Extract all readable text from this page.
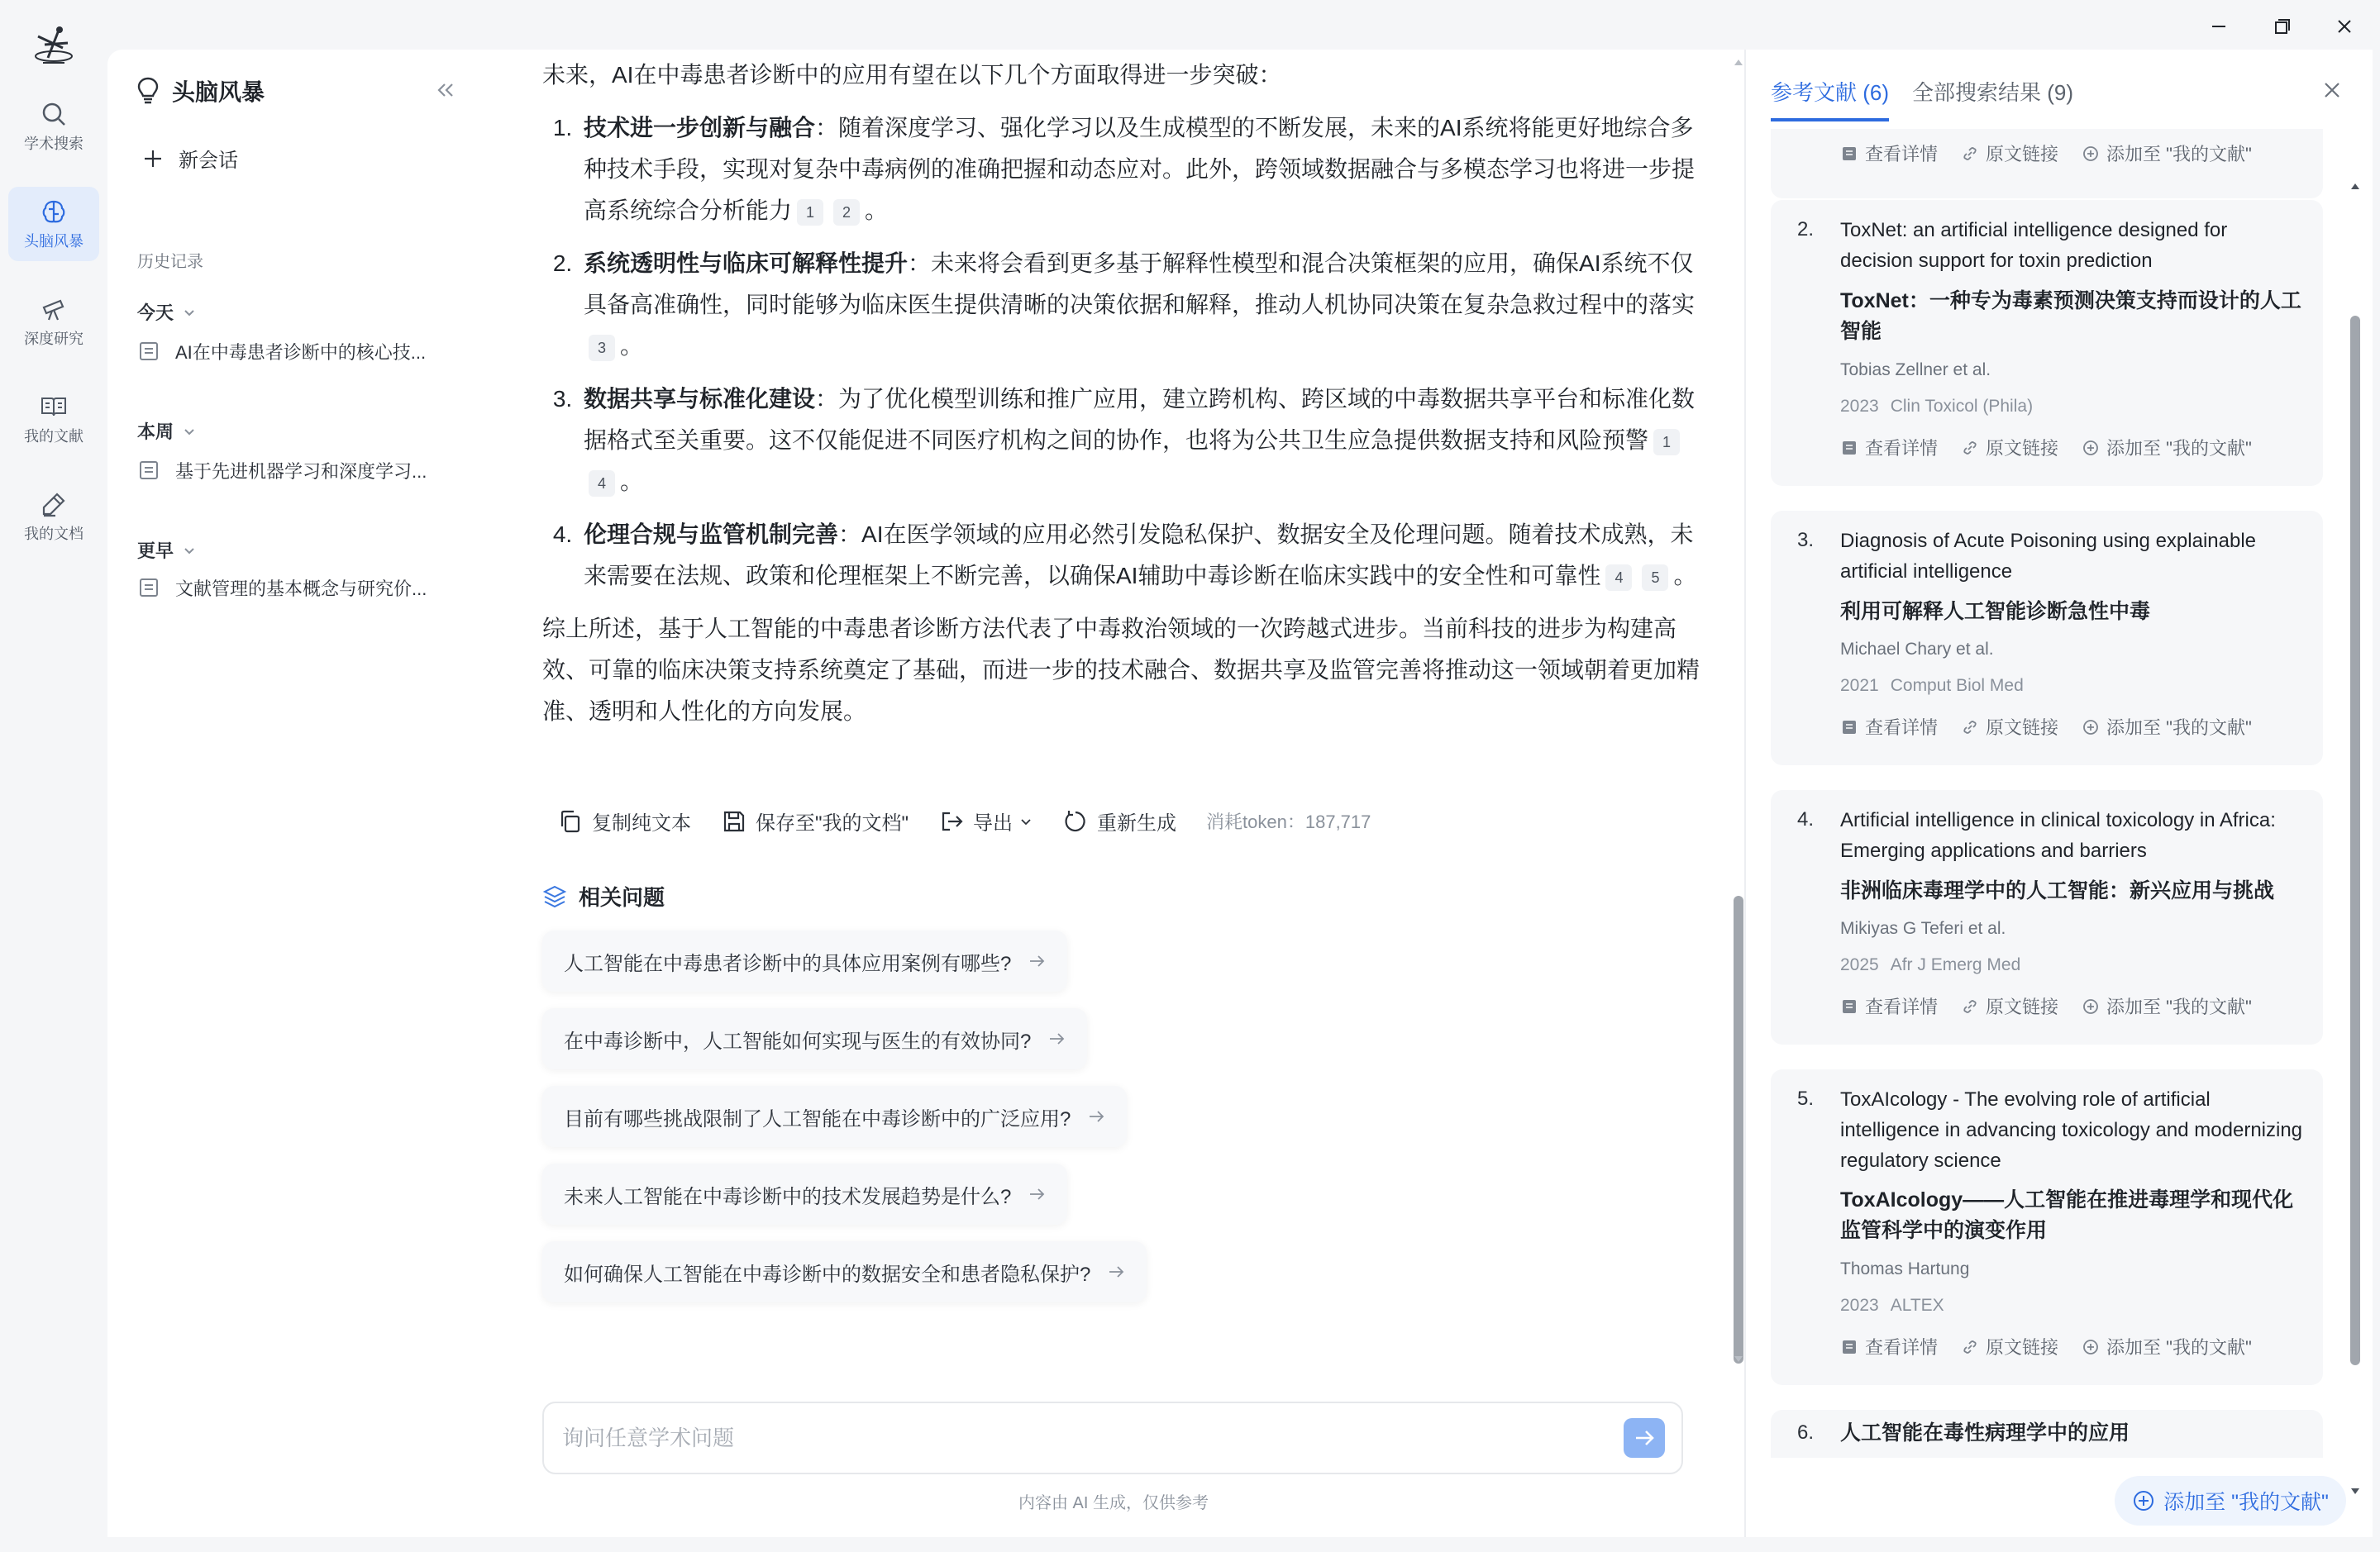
学术搜索
头脑风暴
深度研究
我的文献
我的文档
头脑风暴
新会话
历史记录
今天
AI在中毒患者诊断中的核心技...
本周
基于先进机器学习和深度学习...
更早
文献管理的基本概念与研究价...

未来，AI在中毒患者诊断中的应用有望在以下几个方面取得进一步突破：

1. 技术进一步创新与融合：随着深度学习、强化学习以及生成模型的不断发展，未来的AI系统将能更好地综合多种技术手段，实现对复杂中毒病例的准确把握和动态应对。此外，跨领域数据融合与多模态学习也将进一步提高系统综合分析能力 1 2 。
2. 系统透明性与临床可解释性提升：未来将会看到更多基于解释性模型和混合决策框架的应用，确保AI系统不仅具备高准确性，同时能够为临床医生提供清晰的决策依据和解释，推动人机协同决策在复杂急救过程中的落实3 。
3. 数据共享与标准化建设：为了优化模型训练和推广应用，建立跨机构、跨区域的中毒数据共享平台和标准化数据格式至关重要。这不仅能促进不同医疗机构之间的协作，也将为公共卫生应急提供数据支持和风险预警 14 。
4. 伦理合规与监管机制完善：AI在医学领域的应用必然引发隐私保护、数据安全及伦理问题。随着技术成熟，未来需要在法规、政策和伦理框架上不断完善，以确保AI辅助中毒诊断在临床实践中的安全性和可靠性 4 5 。

综上所述，基于人工智能的中毒患者诊断方法代表了中毒救治领域的一次跨越式进步。当前科技的进步为构建高效、可靠的临床决策支持系统奠定了基础，而进一步的技术融合、数据共享及监管完善将推动这一领域朝着更加精准、透明和人性化的方向发展。

复制纯文本	保存至"我的文档"	导出	重新生成 消耗token：187,717
相关问题
人工智能在中毒患者诊断中的具体应用案例有哪些?
在中毒诊断中，人工智能如何实现与医生的有效协同?
目前有哪些挑战限制了人工智能在中毒诊断中的广泛应用?
未来人工智能在中毒诊断中的技术发展趋势是什么?
如何确保人工智能在中毒诊断中的数据安全和患者隐私保护?
询问任意学术问题
内容由 AI 生成，仅供参考
参考文献 (6) 全部搜索结果 (9)
查看详情	原文链接	添加至 "我的文献"
2. ToxNet: an artificial intelligence designed for decision support for toxin prediction
ToxNet：一种专为毒素预测决策支持而设计的人工智能
Tobias Zellner et al.
2023 Clin Toxicol (Phila)
查看详情	原文链接	添加至 "我的文献"
3. Diagnosis of Acute Poisoning using explainable artificial intelligence
利用可解释人工智能诊断急性中毒
Michael Chary et al.
2021 Comput Biol Med
查看详情	原文链接	添加至 "我的文献"
4. Artificial intelligence in clinical toxicology in Africa: Emerging applications and barriers
非洲临床毒理学中的人工智能：新兴应用与挑战
Mikiyas G Teferi et al.
2025 Afr J Emerg Med
查看详情	原文链接	添加至 "我的文献"
5. ToxAIcology - The evolving role of artificial intelligence in advancing toxicology and modernizing regulatory science
ToxAIcology——人工智能在推进毒理学和现代化监管科学中的演变作用
Thomas Hartung
2023 ALTEX
查看详情	原文链接	添加至 "我的文献"
6. 人工智能在毒性病理学中的应用
添加至 "我的文献"
